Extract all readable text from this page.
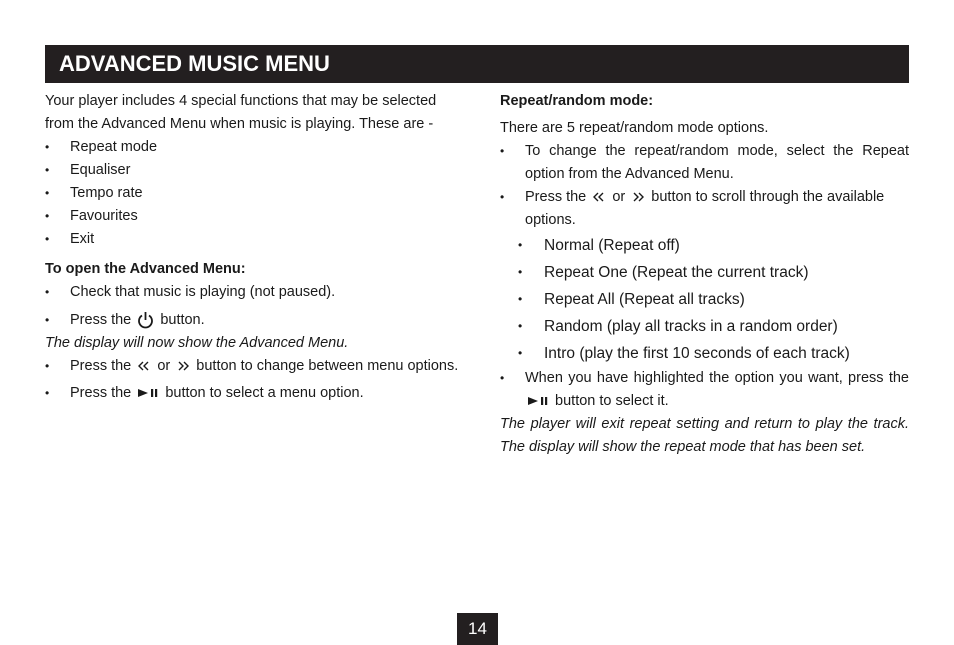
ADVANCED MUSIC MENU

Your player includes 4 special functions that may be selected from the Advanced Menu when music is playing. These are -

• Repeat mode
• Equaliser
• Tempo rate
• Favourites
• Exit

To open the Advanced Menu:

• Check that music is playing (not paused).
• Press the button.

The display will now show the Advanced Menu.

• Press the or button to change between menu options.
• Press the button to select a menu option.

Repeat/random mode:

There are 5 repeat/random mode options.

• To change the repeat/random mode, select the Repeat option from the Advanced Menu.
• Press the or button to scroll through the available options.
• Normal (Repeat off)
• Repeat One (Repeat the current track)
• Repeat All (Repeat all tracks)
• Random (play all tracks in a random order)
• Intro (play the first 10 seconds of each track)
• When you have highlighted the option you want, press the
button to select it.

The player will exit repeat setting and return to play the track. The display will show the repeat mode that has been set.

14
